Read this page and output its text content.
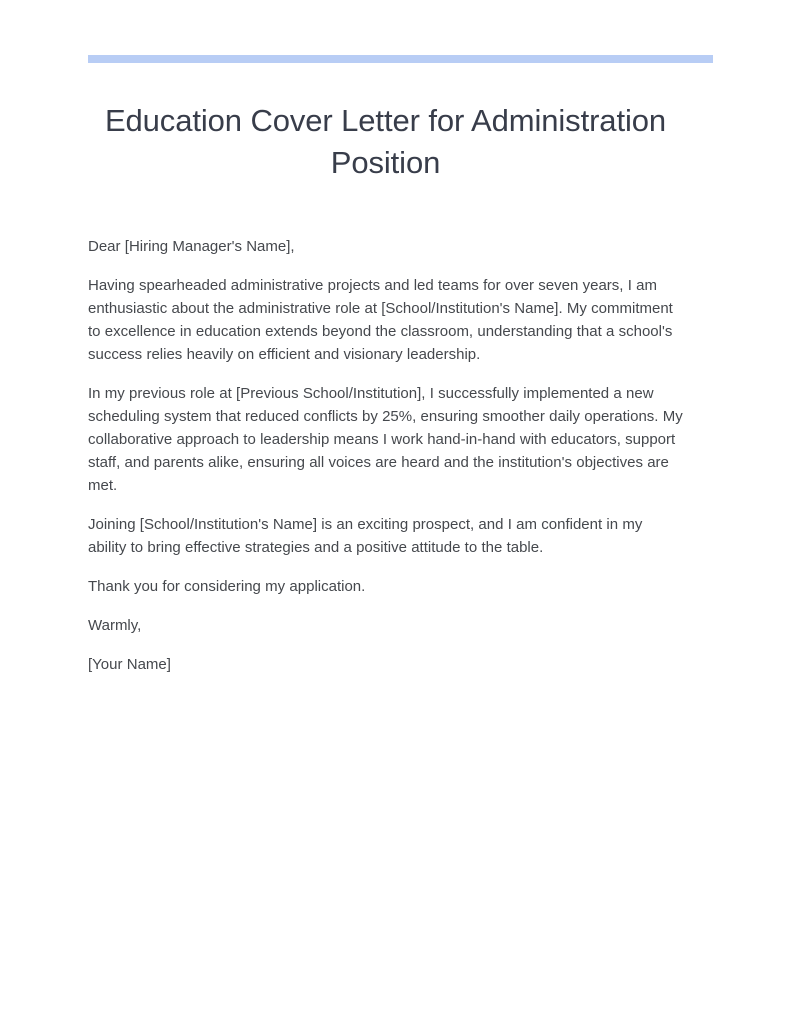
Education Cover Letter for Administration Position

Dear [Hiring Manager's Name],

Having spearheaded administrative projects and led teams for over seven years, I am enthusiastic about the administrative role at [School/Institution's Name]. My commitment to excellence in education extends beyond the classroom, understanding that a school's success relies heavily on efficient and visionary leadership.

In my previous role at [Previous School/Institution], I successfully implemented a new scheduling system that reduced conflicts by 25%, ensuring smoother daily operations. My collaborative approach to leadership means I work hand-in-hand with educators, support staff, and parents alike, ensuring all voices are heard and the institution's objectives are met.

Joining [School/Institution's Name] is an exciting prospect, and I am confident in my ability to bring effective strategies and a positive attitude to the table.

Thank you for considering my application.

Warmly,

[Your Name]
